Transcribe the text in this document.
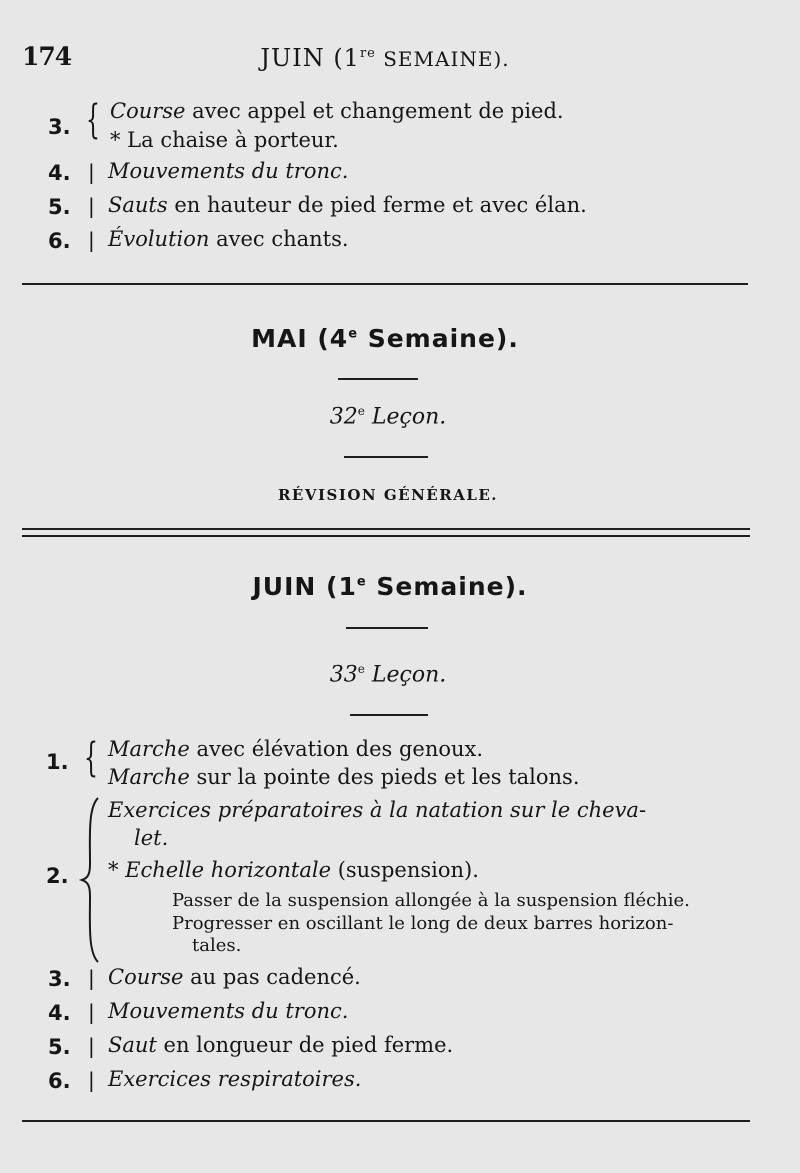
174	JUIN (1re SEMAINE).
3. { Course avec appel et changement de pied.
* La chaise à porteur.
4. | Mouvements du tronc.
5. | Sauts en hauteur de pied ferme et avec élan.
6. | Évolution avec chants.
MAI (4e Semaine).
32e Leçon.
RÉVISION GÉNÉRALE.
JUIN (1e Semaine).
33e Leçon.
1. { Marche avec élévation des genoux.
Marche sur la pointe des pieds et les talons.
2.
Exercices préparatoires à la natation sur le cheva-
let.
* Echelle horizontale (suspension).
Passer de la suspension allongée à la suspension fléchie.
Progresser en oscillant le long de deux barres horizon-
tales.
3. | Course au pas cadencé.
4. | Mouvements du tronc.
5. | Saut en longueur de pied ferme.
6. | Exercices respiratoires.
